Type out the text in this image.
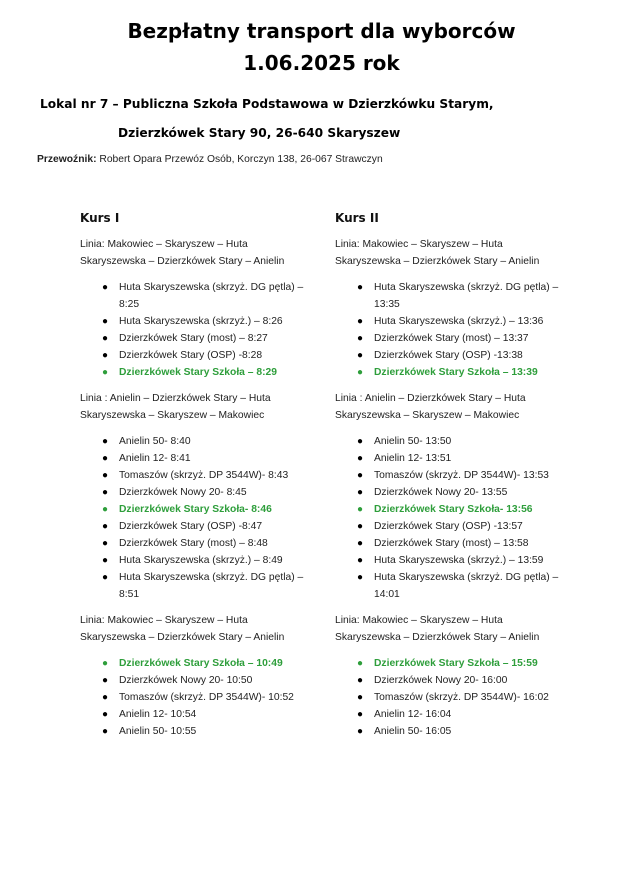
Bezpłatny transport dla wyborców
1.06.2025 rok
Lokal nr 7 – Publiczna Szkoła Podstawowa w Dzierzkówku Starym,
Dzierzkówek Stary 90, 26-640 Skaryszew
Przewoźnik: Robert Opara Przewóz Osób, Korczyn 138, 26-067 Strawczyn
Kurs I
Linia: Makowiec – Skaryszew – Huta Skaryszewska – Dzierzkówek Stary – Anielin
● Huta Skaryszewska (skrzyż. DG pętla) – 8:25
● Huta Skaryszewska (skrzyż.) – 8:26
● Dzierzkówek Stary (most) – 8:27
● Dzierzkówek Stary (OSP) -8:28
● Dzierzkówek Stary Szkoła – 8:29
Linia : Anielin – Dzierzkówek Stary – Huta Skaryszewska – Skaryszew – Makowiec
● Anielin 50- 8:40
● Anielin 12- 8:41
● Tomaszów (skrzyż. DP 3544W)- 8:43
● Dzierzkówek Nowy 20- 8:45
● Dzierzkówek Stary Szkoła- 8:46
● Dzierzkówek Stary (OSP) -8:47
● Dzierzkówek Stary (most) – 8:48
● Huta Skaryszewska (skrzyż.) – 8:49
● Huta Skaryszewska (skrzyż. DG pętla) – 8:51
Linia: Makowiec – Skaryszew – Huta Skaryszewska – Dzierzkówek Stary – Anielin
● Dzierzkówek Stary Szkoła – 10:49
● Dzierzkówek Nowy 20- 10:50
● Tomaszów (skrzyż. DP 3544W)- 10:52
● Anielin 12- 10:54
● Anielin 50- 10:55
Kurs II
Linia: Makowiec – Skaryszew – Huta Skaryszewska – Dzierzkówek Stary – Anielin
● Huta Skaryszewska (skrzyż. DG pętla) – 13:35
● Huta Skaryszewska (skrzyż.) – 13:36
● Dzierzkówek Stary (most) – 13:37
● Dzierzkówek Stary (OSP) -13:38
● Dzierzkówek Stary Szkoła – 13:39
Linia : Anielin – Dzierzkówek Stary – Huta Skaryszewska – Skaryszew – Makowiec
● Anielin 50- 13:50
● Anielin 12- 13:51
● Tomaszów (skrzyż. DP 3544W)- 13:53
● Dzierzkówek Nowy 20- 13:55
● Dzierzkówek Stary Szkoła- 13:56
● Dzierzkówek Stary (OSP) -13:57
● Dzierzkówek Stary (most) – 13:58
● Huta Skaryszewska (skrzyż.) – 13:59
● Huta Skaryszewska (skrzyż. DG pętla) – 14:01
Linia: Makowiec – Skaryszew – Huta Skaryszewska – Dzierzkówek Stary – Anielin
● Dzierzkówek Stary Szkoła – 15:59
● Dzierzkówek Nowy 20- 16:00
● Tomaszów (skrzyż. DP 3544W)- 16:02
● Anielin 12- 16:04
● Anielin 50- 16:05
